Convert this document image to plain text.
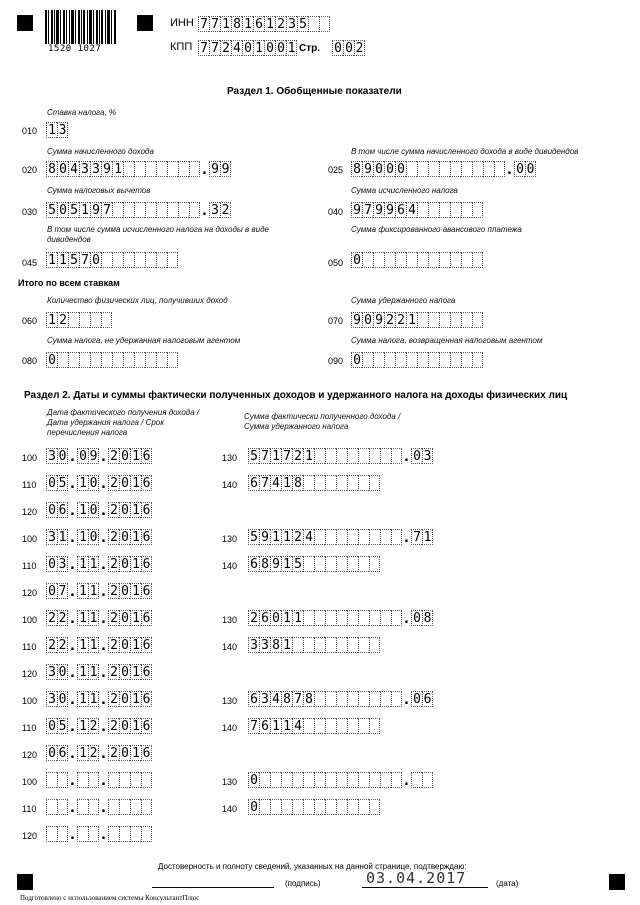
1520 1027
ИНН 7 7 1 8 1 6 1 2 3 5
КПП 7 7 2 4 0 1 0 0 1 Стр. 0 0 2
Раздел 1. Обобщенные показатели
Ставка налога, %
010 1 3
Сумма начисленного дохода
020 8 0 4 3 3 9 1	. 9 9
В том числе сумма начисленного дохода в виде дивидендов
025 8 9 0 0 0	. 0 0
Сумма налоговых вычетов
030 5 0 5 1 9 7	. 3 2
Сумма исчисленного налога
040 9 7 9 9 6 4
В том числе сумма исчисленного налога на доходы в виде дивидендов
045 1 1 5 7 0
Сумма фиксированного авансового платежа
050 0
Итого по всем ставкам
Количество физических лиц, получивших доход
060 1 2
Сумма удержанного налога
070 9 0 9 2 2 1
Сумма налога, не удержанная налоговым агентом
080 0
Сумма налога, возвращенная налоговым агентом
090 0
Раздел 2. Даты и суммы фактически полученных доходов и удержанного налога на доходы физических лиц
Дата фактического получения дохода / Дата удержания налога / Срок перечисления налога
Сумма фактически полученного дохода / Сумма удержанного налога
100 3 0 . 0 9 . 2 0 1 6
110 0 5 . 1 0 . 2 0 1 6
120 0 6 . 1 0 . 2 0 1 6
130 5 7 1 7 2 1	. 0 3
140 6 7 4 1 8
100 3 1 . 1 0 . 2 0 1 6
110 0 3 . 1 1 . 2 0 1 6
120 0 7 . 1 1 . 2 0 1 6
130 5 9 1 1 2 4	. 7 1
140 6 8 9 1 5
100 2 2 . 1 1 . 2 0 1 6
110 2 2 . 1 1 . 2 0 1 6
120 3 0 . 1 1 . 2 0 1 6
130 2 6 0 1 1	. 0 8
140 3 3 8 1
100 3 0 . 1 1 . 2 0 1 6
110 0 5 . 1 2 . 2 0 1 6
120 0 6 . 1 2 . 2 0 1 6
130 6 3 4 8 7 8	. 0 6
140 7 6 1 1 4
100 . .
110 . .
120 . .
130 0	.
140 0
Достоверность и полноту сведений, указанных на данной странице, подтверждаю:
(подпись)	03.04.2017	(дата)
Подготовлено с использованием системы КонсультантПлюс
